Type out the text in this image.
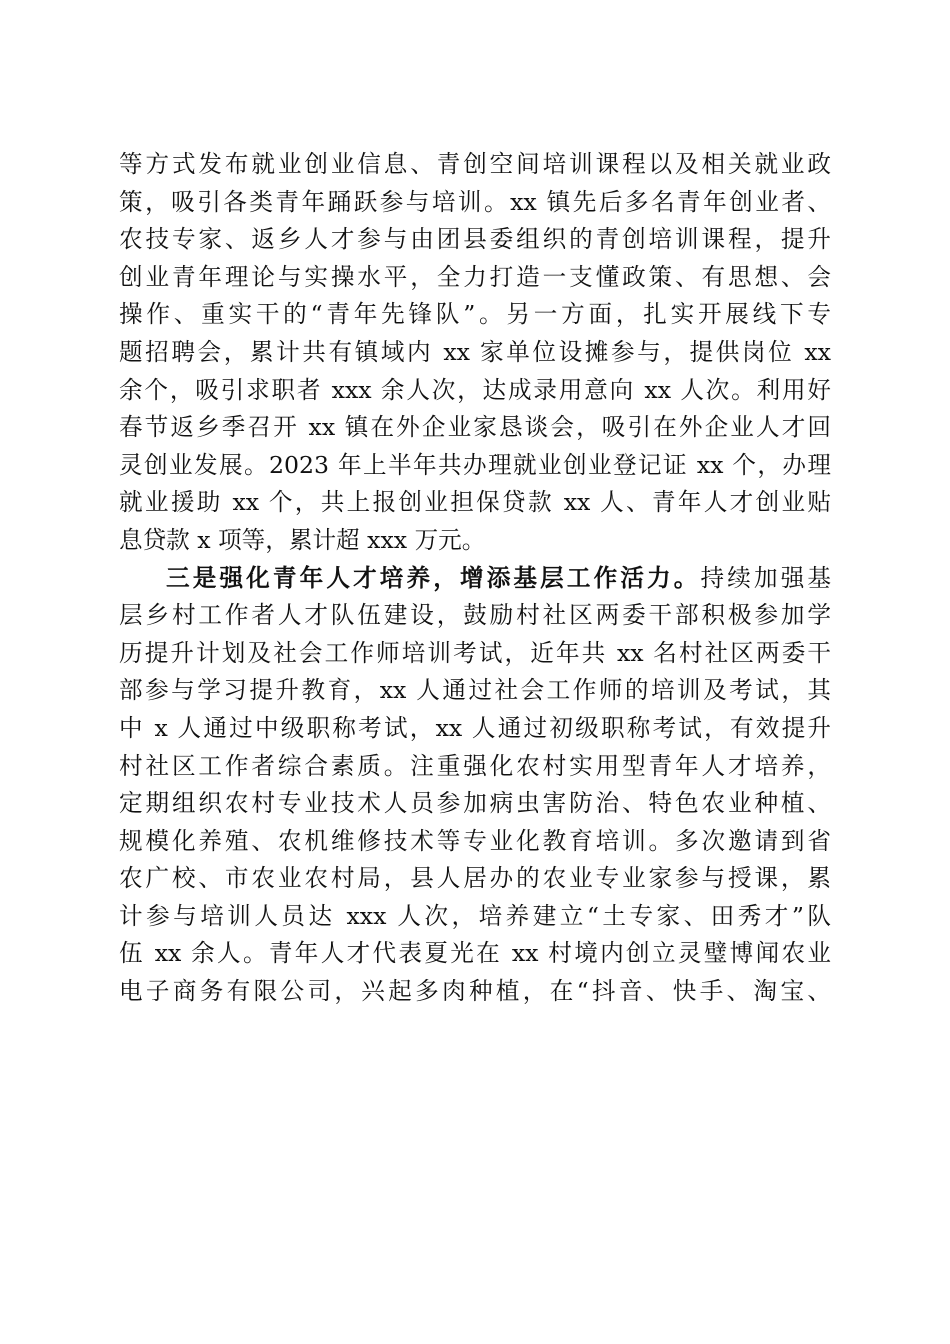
等方式发布就业创业信息、青创空间培训课程以及相关就业政
策，吸引各类青年踊跃参与培训。xx 镇先后多名青年创业者、
农技专家、返乡人才参与由团县委组织的青创培训课程，提升
创业青年理论与实操水平，全力打造一支懂政策、有思想、会
操作、重实干的“青年先锋队”。另一方面，扎实开展线下专
题招聘会，累计共有镇域内 xx 家单位设摊参与，提供岗位 xx
余个，吸引求职者 xxx 余人次，达成录用意向 xx 人次。利用好
春节返乡季召开 xx 镇在外企业家恳谈会，吸引在外企业人才回
灵创业发展。2023 年上半年共办理就业创业登记证 xx 个，办理
就业援助 xx 个，共上报创业担保贷款 xx 人、青年人才创业贴
息贷款 x 项等，累计超 xxx 万元。
三是强化青年人才培养，增添基层工作活力。持续加强基
层乡村工作者人才队伍建设，鼓励村社区两委干部积极参加学
历提升计划及社会工作师培训考试，近年共 xx 名村社区两委干
部参与学习提升教育，xx 人通过社会工作师的培训及考试，其
中 x 人通过中级职称考试，xx 人通过初级职称考试，有效提升
村社区工作者综合素质。注重强化农村实用型青年人才培养，
定期组织农村专业技术人员参加病虫害防治、特色农业种植、
规模化养殖、农机维修技术等专业化教育培训。多次邀请到省
农广校、市农业农村局，县人居办的农业专业家参与授课，累
计参与培训人员达 xxx 人次，培养建立“土专家、田秀才”队
伍 xx 余人。青年人才代表夏光在 xx 村境内创立灵璧博闻农业
电子商务有限公司，兴起多肉种植，在“抖音、快手、淘宝、
